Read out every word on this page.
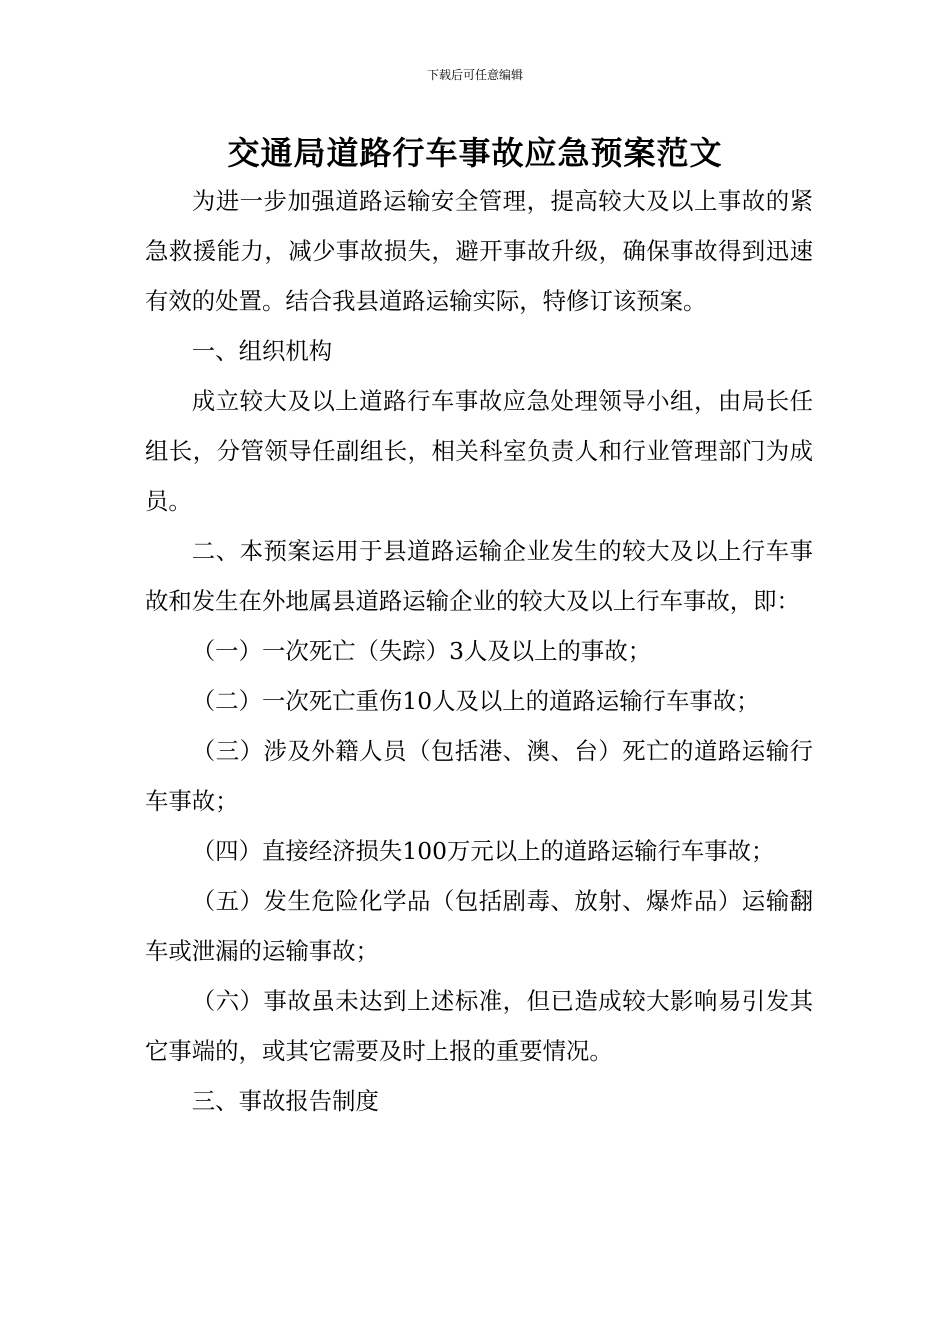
下载后可任意编辑
交通局道路行车事故应急预案范文

为进一步加强道路运输安全管理，提高较大及以上事故的紧急救援能力，减少事故损失，避开事故升级，确保事故得到迅速有效的处置。结合我县道路运输实际，特修订该预案。

一、组织机构

成立较大及以上道路行车事故应急处理领导小组，由局长任组长，分管领导任副组长，相关科室负责人和行业管理部门为成员。

二、本预案运用于县道路运输企业发生的较大及以上行车事故和发生在外地属县道路运输企业的较大及以上行车事故，即：

（一）一次死亡（失踪）3人及以上的事故；

（二）一次死亡重伤10人及以上的道路运输行车事故；

（三）涉及外籍人员（包括港、澳、台）死亡的道路运输行车事故；

（四）直接经济损失100万元以上的道路运输行车事故；

（五）发生危险化学品（包括剧毒、放射、爆炸品）运输翻车或泄漏的运输事故；

（六）事故虽未达到上述标准，但已造成较大影响易引发其它事端的，或其它需要及时上报的重要情况。

三、事故报告制度
